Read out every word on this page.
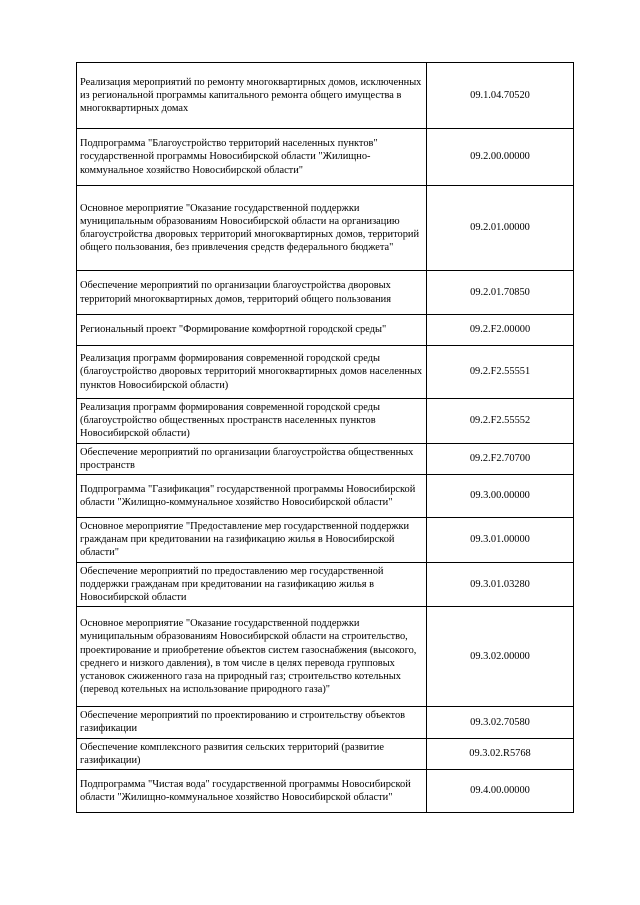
Реализация мероприятий по ремонту многоквартирных домов, исключенных из региональной программы капитального ремонта общего имущества в многоквартирных домах	09.1.04.70520
Подпрограмма "Благоустройство территорий населенных пунктов" государственной программы Новосибирской области "Жилищно-коммунальное хозяйство Новосибирской области"	09.2.00.00000
Основное мероприятие "Оказание государственной поддержки муниципальным образованиям Новосибирской области на организацию благоустройства дворовых территорий многоквартирных домов, территорий общего пользования, без привлечения средств федерального бюджета"	09.2.01.00000
Обеспечение мероприятий по организации благоустройства дворовых территорий многоквартирных домов, территорий общего пользования	09.2.01.70850
Региональный проект "Формирование комфортной городской среды"	09.2.F2.00000
Реализация программ формирования современной городской среды (благоустройство дворовых территорий многоквартирных домов населенных пунктов Новосибирской области)	09.2.F2.55551
Реализация программ формирования современной городской среды (благоустройство общественных пространств населенных пунктов Новосибирской области)	09.2.F2.55552
Обеспечение мероприятий по организации благоустройства общественных пространств	09.2.F2.70700
Подпрограмма "Газификация" государственной программы Новосибирской области "Жилищно-коммунальное хозяйство Новосибирской области"	09.3.00.00000
Основное мероприятие "Предоставление мер государственной поддержки гражданам при кредитовании на газификацию жилья в Новосибирской области"	09.3.01.00000
Обеспечение мероприятий по предоставлению мер государственной поддержки гражданам при кредитовании на газификацию жилья в Новосибирской области	09.3.01.03280
Основное мероприятие "Оказание государственной поддержки муниципальным образованиям Новосибирской области на строительство, проектирование и приобретение объектов систем газоснабжения (высокого, среднего и низкого давления), в том числе в целях перевода групповых установок сжиженного газа на природный газ; строительство котельных (перевод котельных на использование природного газа)"	09.3.02.00000
Обеспечение мероприятий по проектированию и строительству объектов газификации	09.3.02.70580
Обеспечение комплексного развития сельских территорий (развитие газификации)	09.3.02.R5768
Подпрограмма "Чистая вода" государственной программы Новосибирской области "Жилищно-коммунальное хозяйство Новосибирской области"	09.4.00.00000
